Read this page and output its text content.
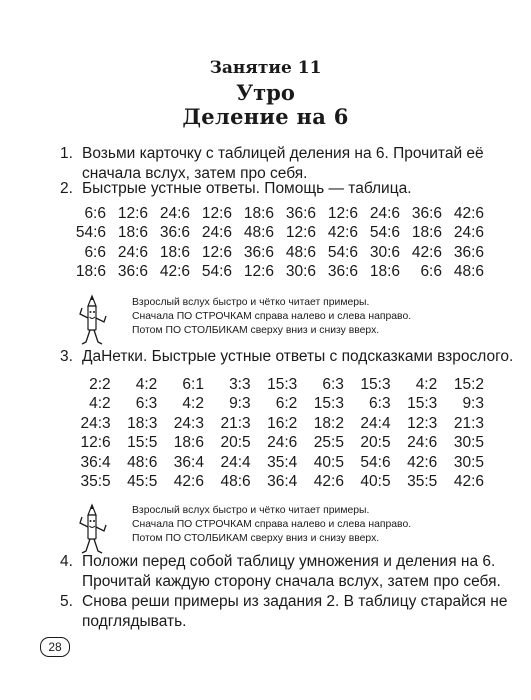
Занятие 11
Утро
Деление на 6
1. Возьми карточку с таблицей деления на 6. Прочитай её
сначала вслух, затем про себя.
2. Быстрые устные ответы. Помощь — таблица.
6:6	12:6	24:6	12:6	18:6	36:6	12:6	24:6	36:6	42:6
54:6	18:6	36:6	24:6	48:6	12:6	42:6	54:6	18:6	24:6
6:6	24:6	18:6	12:6	36:6	48:6	54:6	30:6	42:6	36:6
18:6	36:6	42:6	54:6	12:6	30:6	36:6	18:6	6:6	48:6
Взрослый вслух быстро и чётко читает примеры.
Сначала ПО СТРОЧКАМ справа налево и слева направо.
Потом ПО СТОЛБИКАМ сверху вниз и снизу вверх.
3. ДаНетки. Быстрые устные ответы с подсказками взрослого.
2:2	4:2	6:1	3:3	15:3	6:3	15:3	4:2	15:2
4:2	6:3	4:2	9:3	6:2	15:3	6:3	15:3	9:3
24:3	18:3	24:3	21:3	16:2	18:2	24:4	12:3	21:3
12:6	15:5	18:6	20:5	24:6	25:5	20:5	24:6	30:5
36:4	48:6	36:4	24:4	35:4	40:5	54:6	42:6	30:5
35:5	45:5	42:6	48:6	36:4	42:6	40:5	35:5	42:6
Взрослый вслух быстро и чётко читает примеры.
Сначала ПО СТРОЧКАМ справа налево и слева направо.
Потом ПО СТОЛБИКАМ сверху вниз и снизу вверх.
4. Положи перед собой таблицу умножения и деления на 6.
Прочитай каждую сторону сначала вслух, затем про себя.
5. Снова реши примеры из задания 2. В таблицу старайся не
подглядывать.
28
